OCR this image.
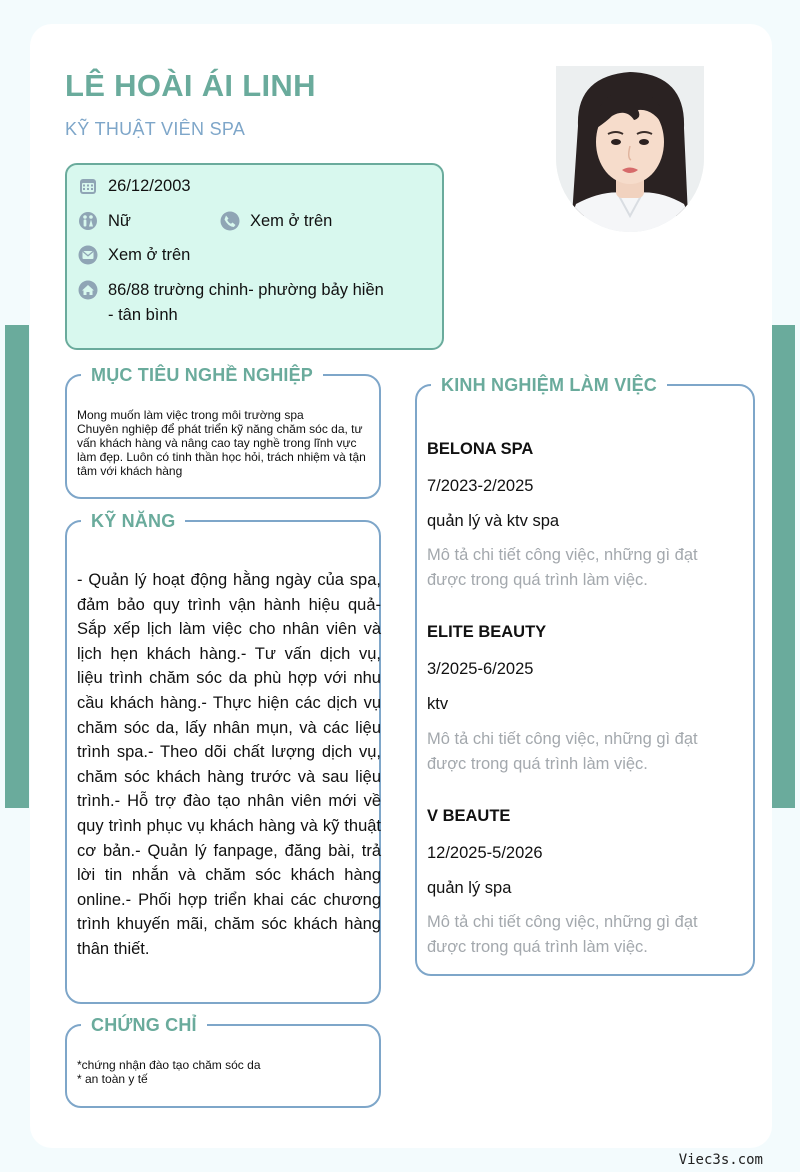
LÊ HOÀI ÁI LINH
KỸ THUẬT VIÊN SPA
26/12/2003
Nữ	Xem ở trên
Xem ở trên
86/88 trường chinh- phường bảy hiền
- tân bình
MỤC TIÊU NGHỀ NGHIỆP
Mong muốn làm việc trong môi trường spa
Chuyên nghiệp để phát triển kỹ năng chăm sóc da, tư
vấn khách hàng và nâng cao tay nghề trong lĩnh vực
làm đẹp. Luôn có tinh thần học hỏi, trách nhiệm và tận
tâm với khách hàng
KỸ NĂNG
- Quản lý hoạt động hằng ngày của spa, đảm bảo quy trình vận hành hiệu quả- Sắp xếp lịch làm việc cho nhân viên và lịch hẹn khách hàng.- Tư vấn dịch vụ, liệu trình chăm sóc da phù hợp với nhu cầu khách hàng.- Thực hiện các dịch vụ chăm sóc da, lấy nhân mụn, và các liệu trình spa.- Theo dõi chất lượng dịch vụ, chăm sóc khách hàng trước và sau liệu trình.- Hỗ trợ đào tạo nhân viên mới về quy trình phục vụ khách hàng và kỹ thuật cơ bản.- Quản lý fanpage, đăng bài, trả lời tin nhắn và chăm sóc khách hàng online.- Phối hợp triển khai các chương trình khuyến mãi, chăm sóc khách hàng thân thiết.
CHỨNG CHỈ
*chứng nhận đào tạo chăm sóc da
* an toàn y tế
KINH NGHIỆM LÀM VIỆC
BELONA SPA
7/2023-2/2025
quản lý và ktv spa
Mô tả chi tiết công việc, những gì đạt được trong quá trình làm việc.
ELITE BEAUTY
3/2025-6/2025
ktv
Mô tả chi tiết công việc, những gì đạt được trong quá trình làm việc.
V BEAUTE
12/2025-5/2026
quản lý spa
Mô tả chi tiết công việc, những gì đạt được trong quá trình làm việc.
Viec3s.com
